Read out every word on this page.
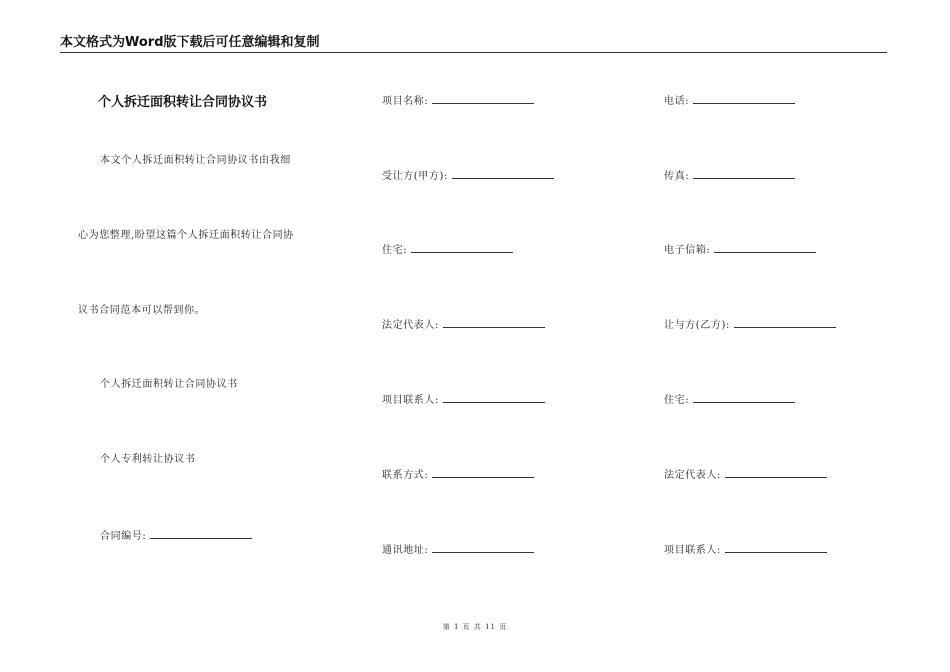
本文格式为Word版下载后可任意编辑和复制
个人拆迁面积转让合同协议书
本文个人拆迁面积转让合同协议书由我细
心为您整理,盼望这篇个人拆迁面积转让合同协
议书合同范本可以帮到你。
个人拆迁面积转让合同协议书
个人专利转让协议书
合同编号:
项目名称:
受让方(甲方):
住宅:
法定代表人:
项目联系人:
联系方式:
通讯地址:
电话:
传真:
电子信箱:
让与方(乙方):
住宅:
法定代表人:
项目联系人:
第 1 页 共 11 页
